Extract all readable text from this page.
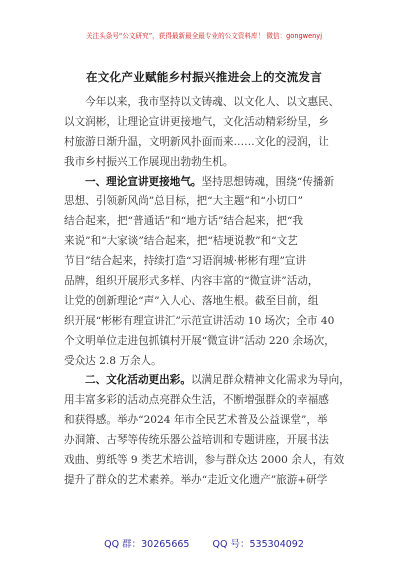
关注头条号“公文研究”，获得最新最全最专业的公文资料库！ 微信：gongwenyj
在文化产业赋能乡村振兴推进会上的交流发言
今年以来，我市坚持以文铸魂、以文化人、以文惠民、
以文润彬，让理论宣讲更接地气，文化活动精彩纷呈，乡
村旅游日渐升温，文明新风扑面而来……文化的浸润，让
我市乡村振兴工作展现出勃勃生机。
一、理论宣讲更接地气。坚持思想铸魂，围绕“传播新
思想、引领新风尚”总目标，把“大主题”和“小切口”
结合起来，把“普通话”和“地方话”结合起来，把“我
来说”和“大家谈”结合起来，把“桔埂说教”和“文艺
节目”结合起来，持续打造“习语润城·彬彬有理”宣讲
品牌，组织开展形式多样、内容丰富的“微宣讲”活动，
让党的创新理论“声”入人心、落地生根。截至目前，组
织开展“彬彬有理宣讲汇”示范宣讲活动 10 场次；全市 40
个文明单位走进包抓镇村开展“微宣讲”活动 220 余场次，
受众达 2.8 万余人。
二、文化活动更出彩。以满足群众精神文化需求为导向，
用丰富多彩的活动点亮群众生活，不断增强群众的幸福感
和获得感。举办“2024 年市全民艺术普及公益课堂”，举
办洞箫、古琴等传统乐器公益培训和专题讲座，开展书法
戏曲、剪纸等 9 类艺术培训，参与群众达 2000 余人，有效
提升了群众的艺术素养。举办“走近文化遗产”旅游+研学
QQ 群：30265665 QQ 号：535304092
